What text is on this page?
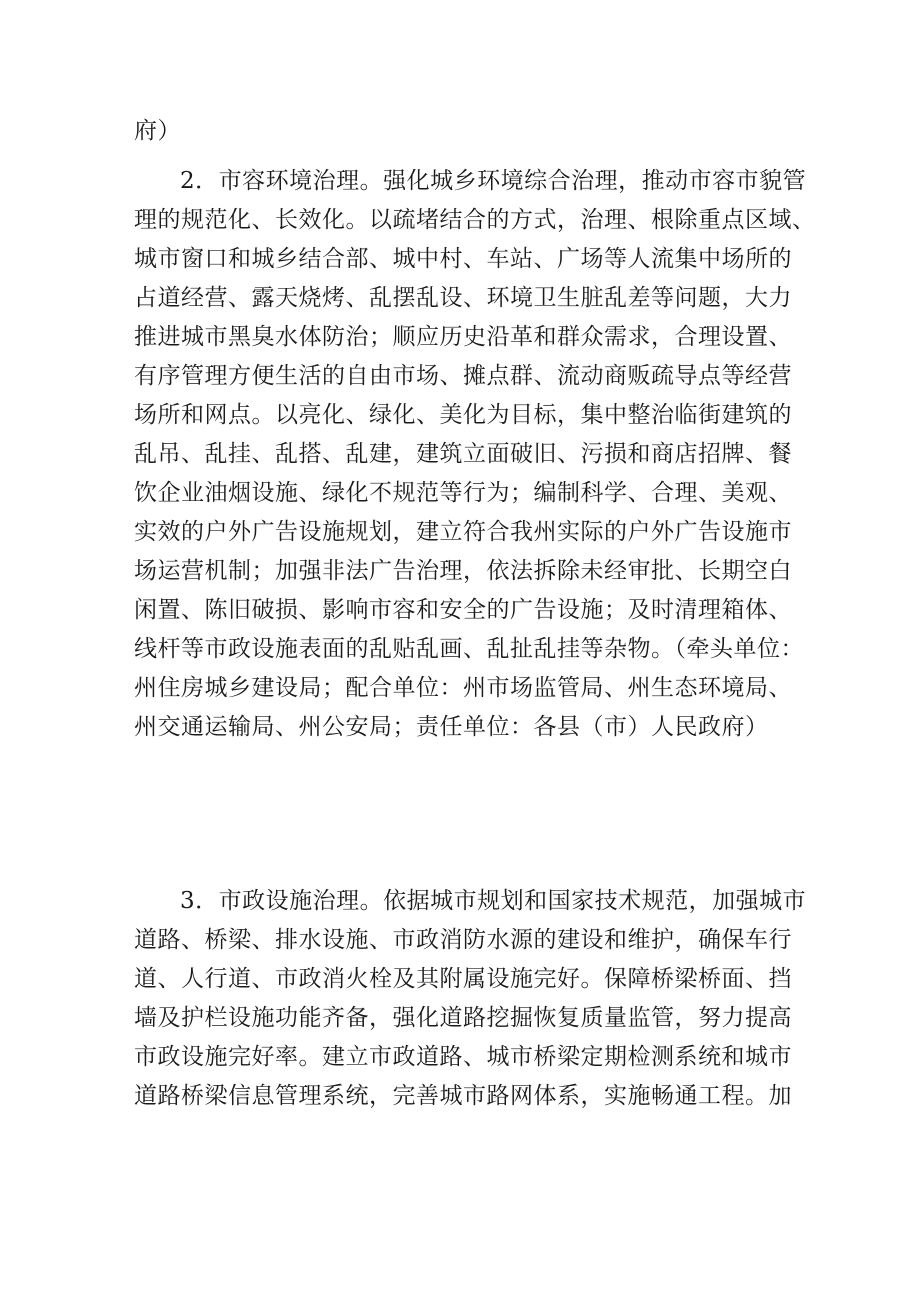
府）
2．市容环境治理。强化城乡环境综合治理，推动市容市貌管
理的规范化、长效化。以疏堵结合的方式，治理、根除重点区域、
城市窗口和城乡结合部、城中村、车站、广场等人流集中场所的
占道经营、露天烧烤、乱摆乱设、环境卫生脏乱差等问题，大力
推进城市黑臭水体防治；顺应历史沿革和群众需求，合理设置、
有序管理方便生活的自由市场、摊点群、流动商贩疏导点等经营
场所和网点。以亮化、绿化、美化为目标，集中整治临街建筑的
乱吊、乱挂、乱搭、乱建，建筑立面破旧、污损和商店招牌、餐
饮企业油烟设施、绿化不规范等行为；编制科学、合理、美观、
实效的户外广告设施规划，建立符合我州实际的户外广告设施市
场运营机制；加强非法广告治理，依法拆除未经审批、长期空白
闲置、陈旧破损、影响市容和安全的广告设施；及时清理箱体、
线杆等市政设施表面的乱贴乱画、乱扯乱挂等杂物。（牵头单位：
州住房城乡建设局；配合单位：州市场监管局、州生态环境局、
州交通运输局、州公安局；责任单位：各县（市）人民政府）
3．市政设施治理。依据城市规划和国家技术规范，加强城市
道路、桥梁、排水设施、市政消防水源的建设和维护，确保车行
道、人行道、市政消火栓及其附属设施完好。保障桥梁桥面、挡
墙及护栏设施功能齐备，强化道路挖掘恢复质量监管，努力提高
市政设施完好率。建立市政道路、城市桥梁定期检测系统和城市
道路桥梁信息管理系统，完善城市路网体系，实施畅通工程。加
